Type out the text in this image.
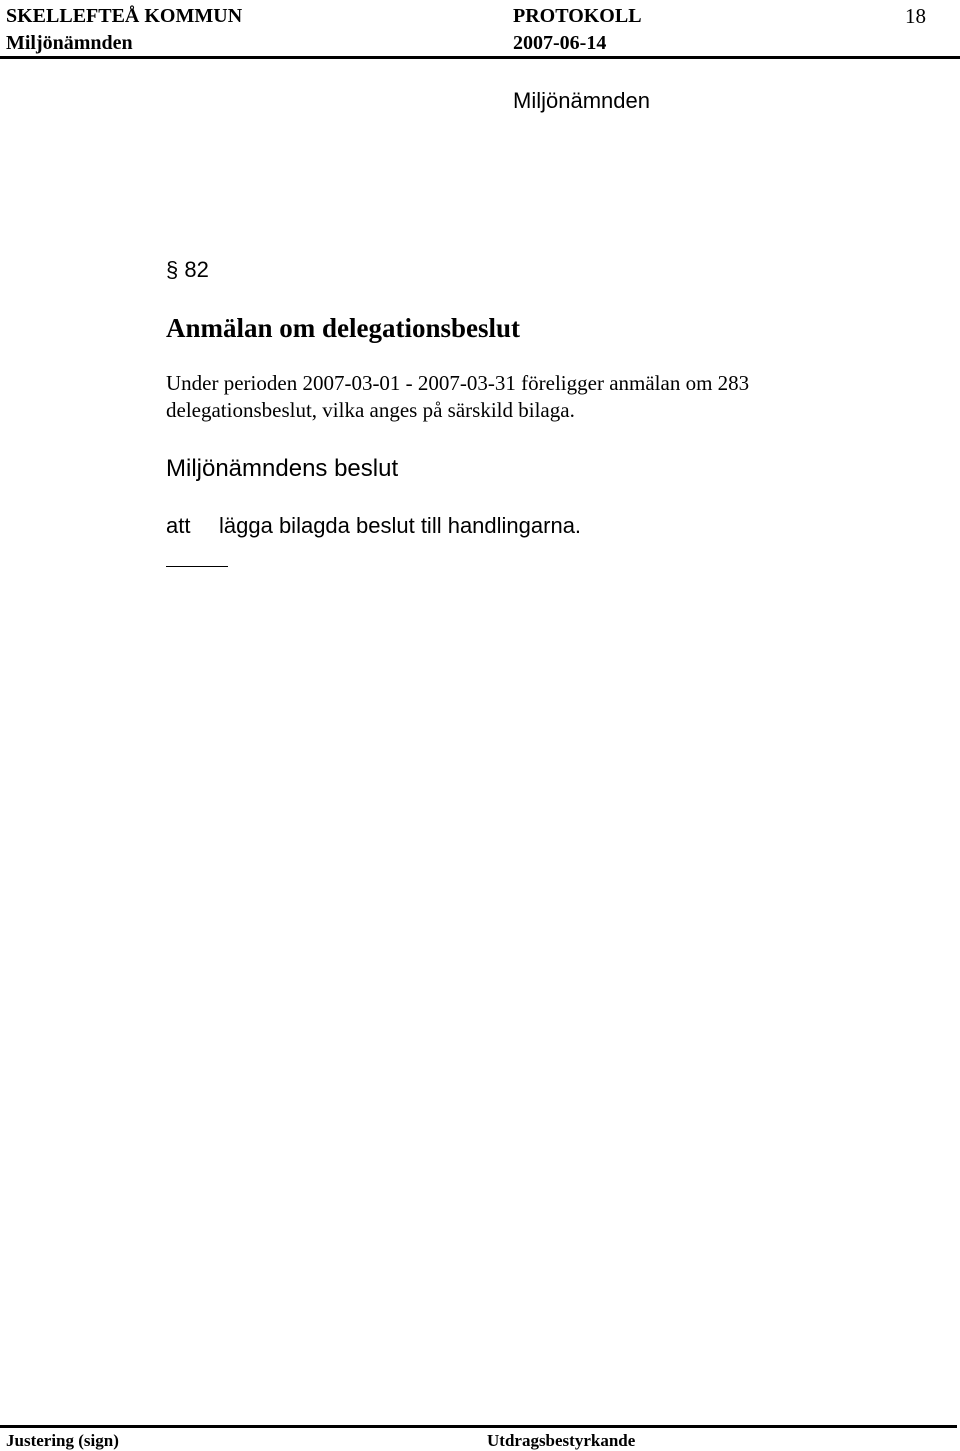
SKELLEFTEÅ KOMMUN	PROTOKOLL	18
Miljönämnden	2007-06-14
Miljönämnden
§ 82
Anmälan om delegationsbeslut
Under perioden 2007-03-01 - 2007-03-31 föreligger anmälan om 283
delegationsbeslut, vilka anges på särskild bilaga.
Miljönämndens beslut
att lägga bilagda beslut till handlingarna.
Justering (sign)	Utdragsbestyrkande
